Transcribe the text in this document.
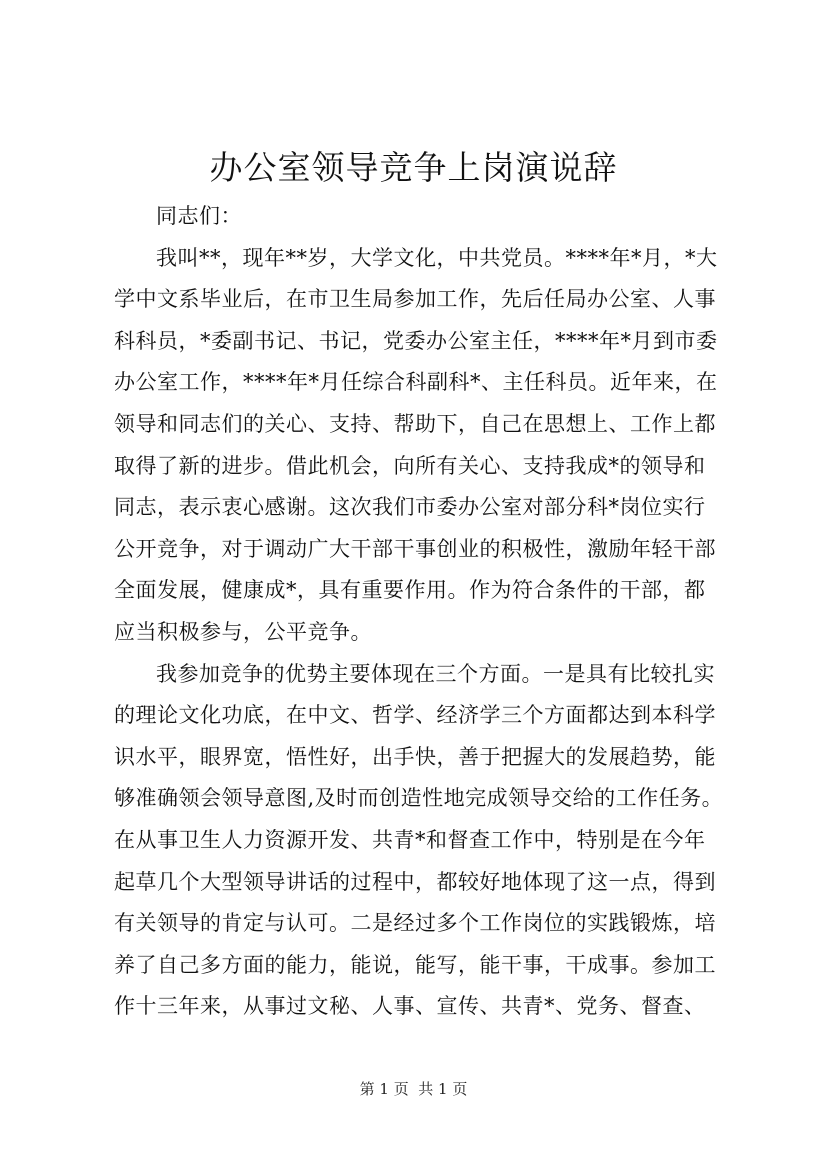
办公室领导竞争上岗演说辞
同志们：
我叫**，现年**岁，大学文化，中共党员。****年*月，*大
学中文系毕业后，在市卫生局参加工作，先后任局办公室、人事
科科员，*委副书记、书记，党委办公室主任，****年*月到市委
办公室工作，****年*月任综合科副科*、主任科员。近年来，在
领导和同志们的关心、支持、帮助下，自己在思想上、工作上都
取得了新的进步。借此机会，向所有关心、支持我成*的领导和
同志，表示衷心感谢。这次我们市委办公室对部分科*岗位实行
公开竞争，对于调动广大干部干事创业的积极性，激励年轻干部
全面发展，健康成*，具有重要作用。作为符合条件的干部，都
应当积极参与，公平竞争。
我参加竞争的优势主要体现在三个方面。一是具有比较扎实
的理论文化功底，在中文、哲学、经济学三个方面都达到本科学
识水平，眼界宽，悟性好，出手快，善于把握大的发展趋势，能
够准确领会领导意图,及时而创造性地完成领导交给的工作任务。
在从事卫生人力资源开发、共青*和督查工作中，特别是在今年
起草几个大型领导讲话的过程中，都较好地体现了这一点，得到
有关领导的肯定与认可。二是经过多个工作岗位的实践锻炼，培
养了自己多方面的能力，能说，能写，能干事，干成事。参加工
作十三年来，从事过文秘、人事、宣传、共青*、党务、督查、
第 1 页  共 1 页
